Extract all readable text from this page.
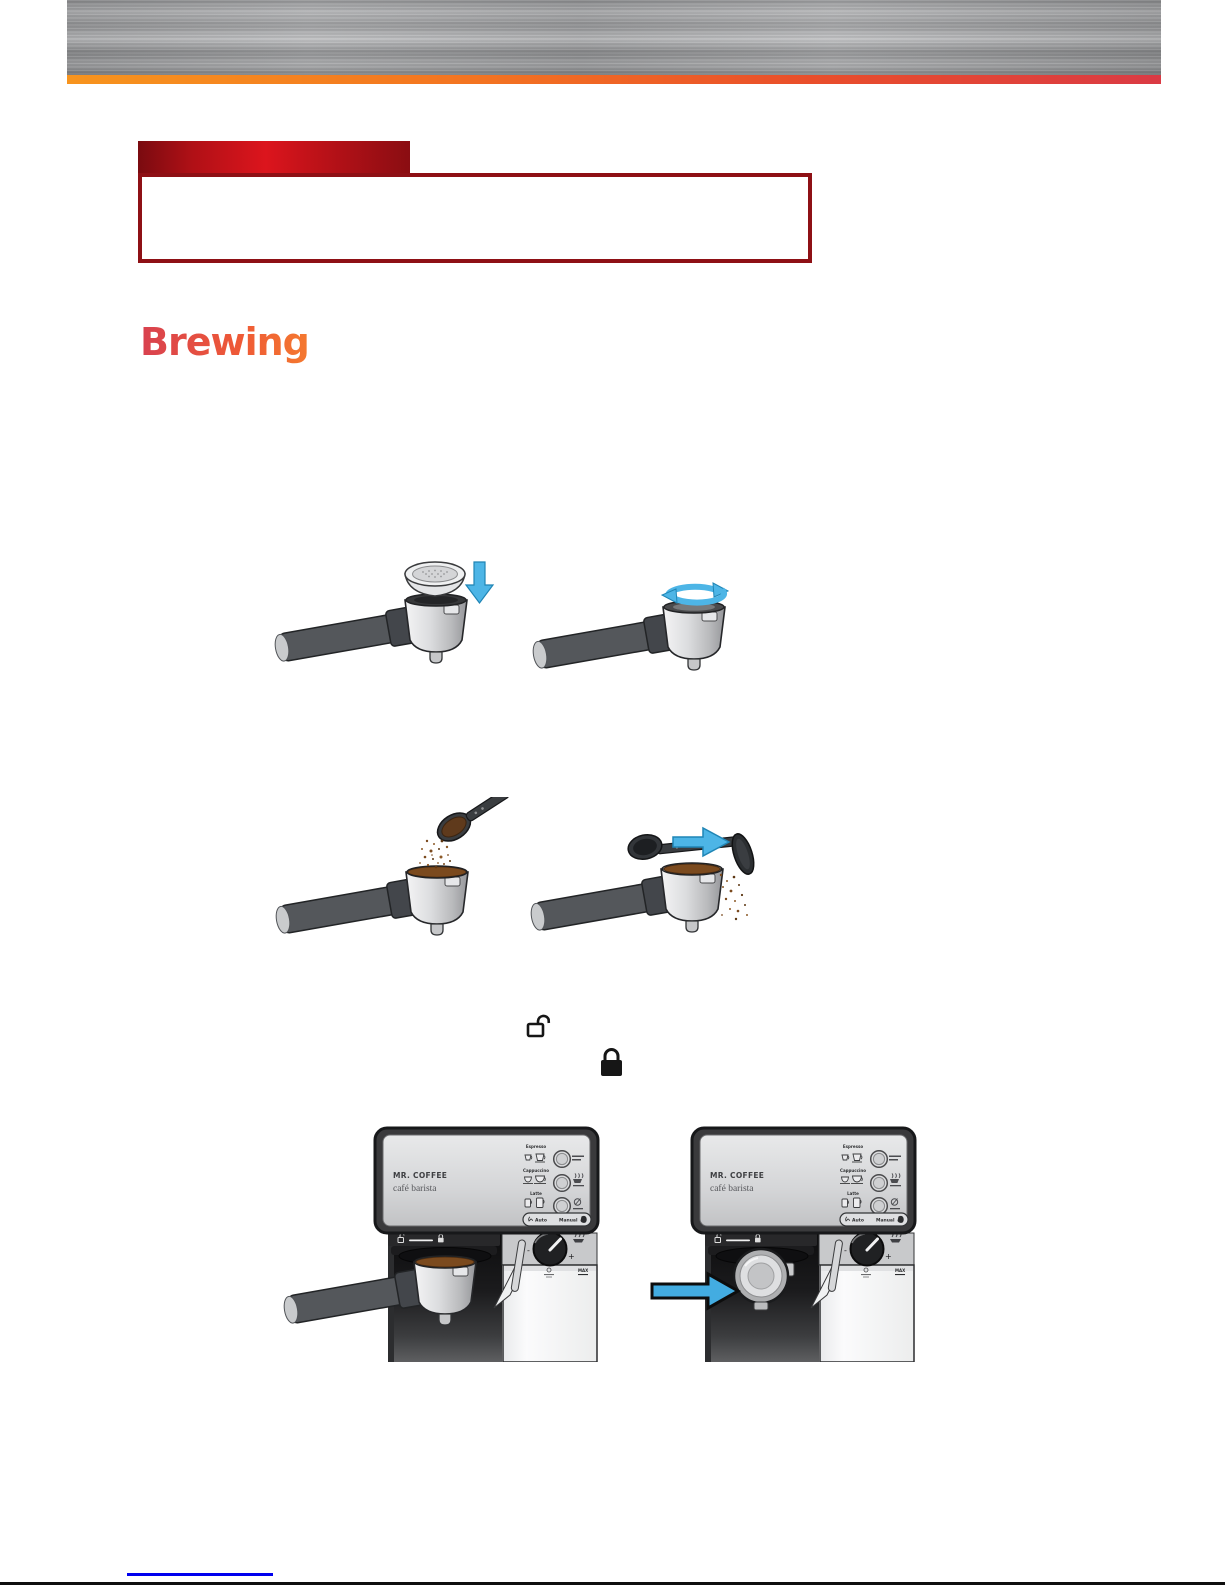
Brewing
